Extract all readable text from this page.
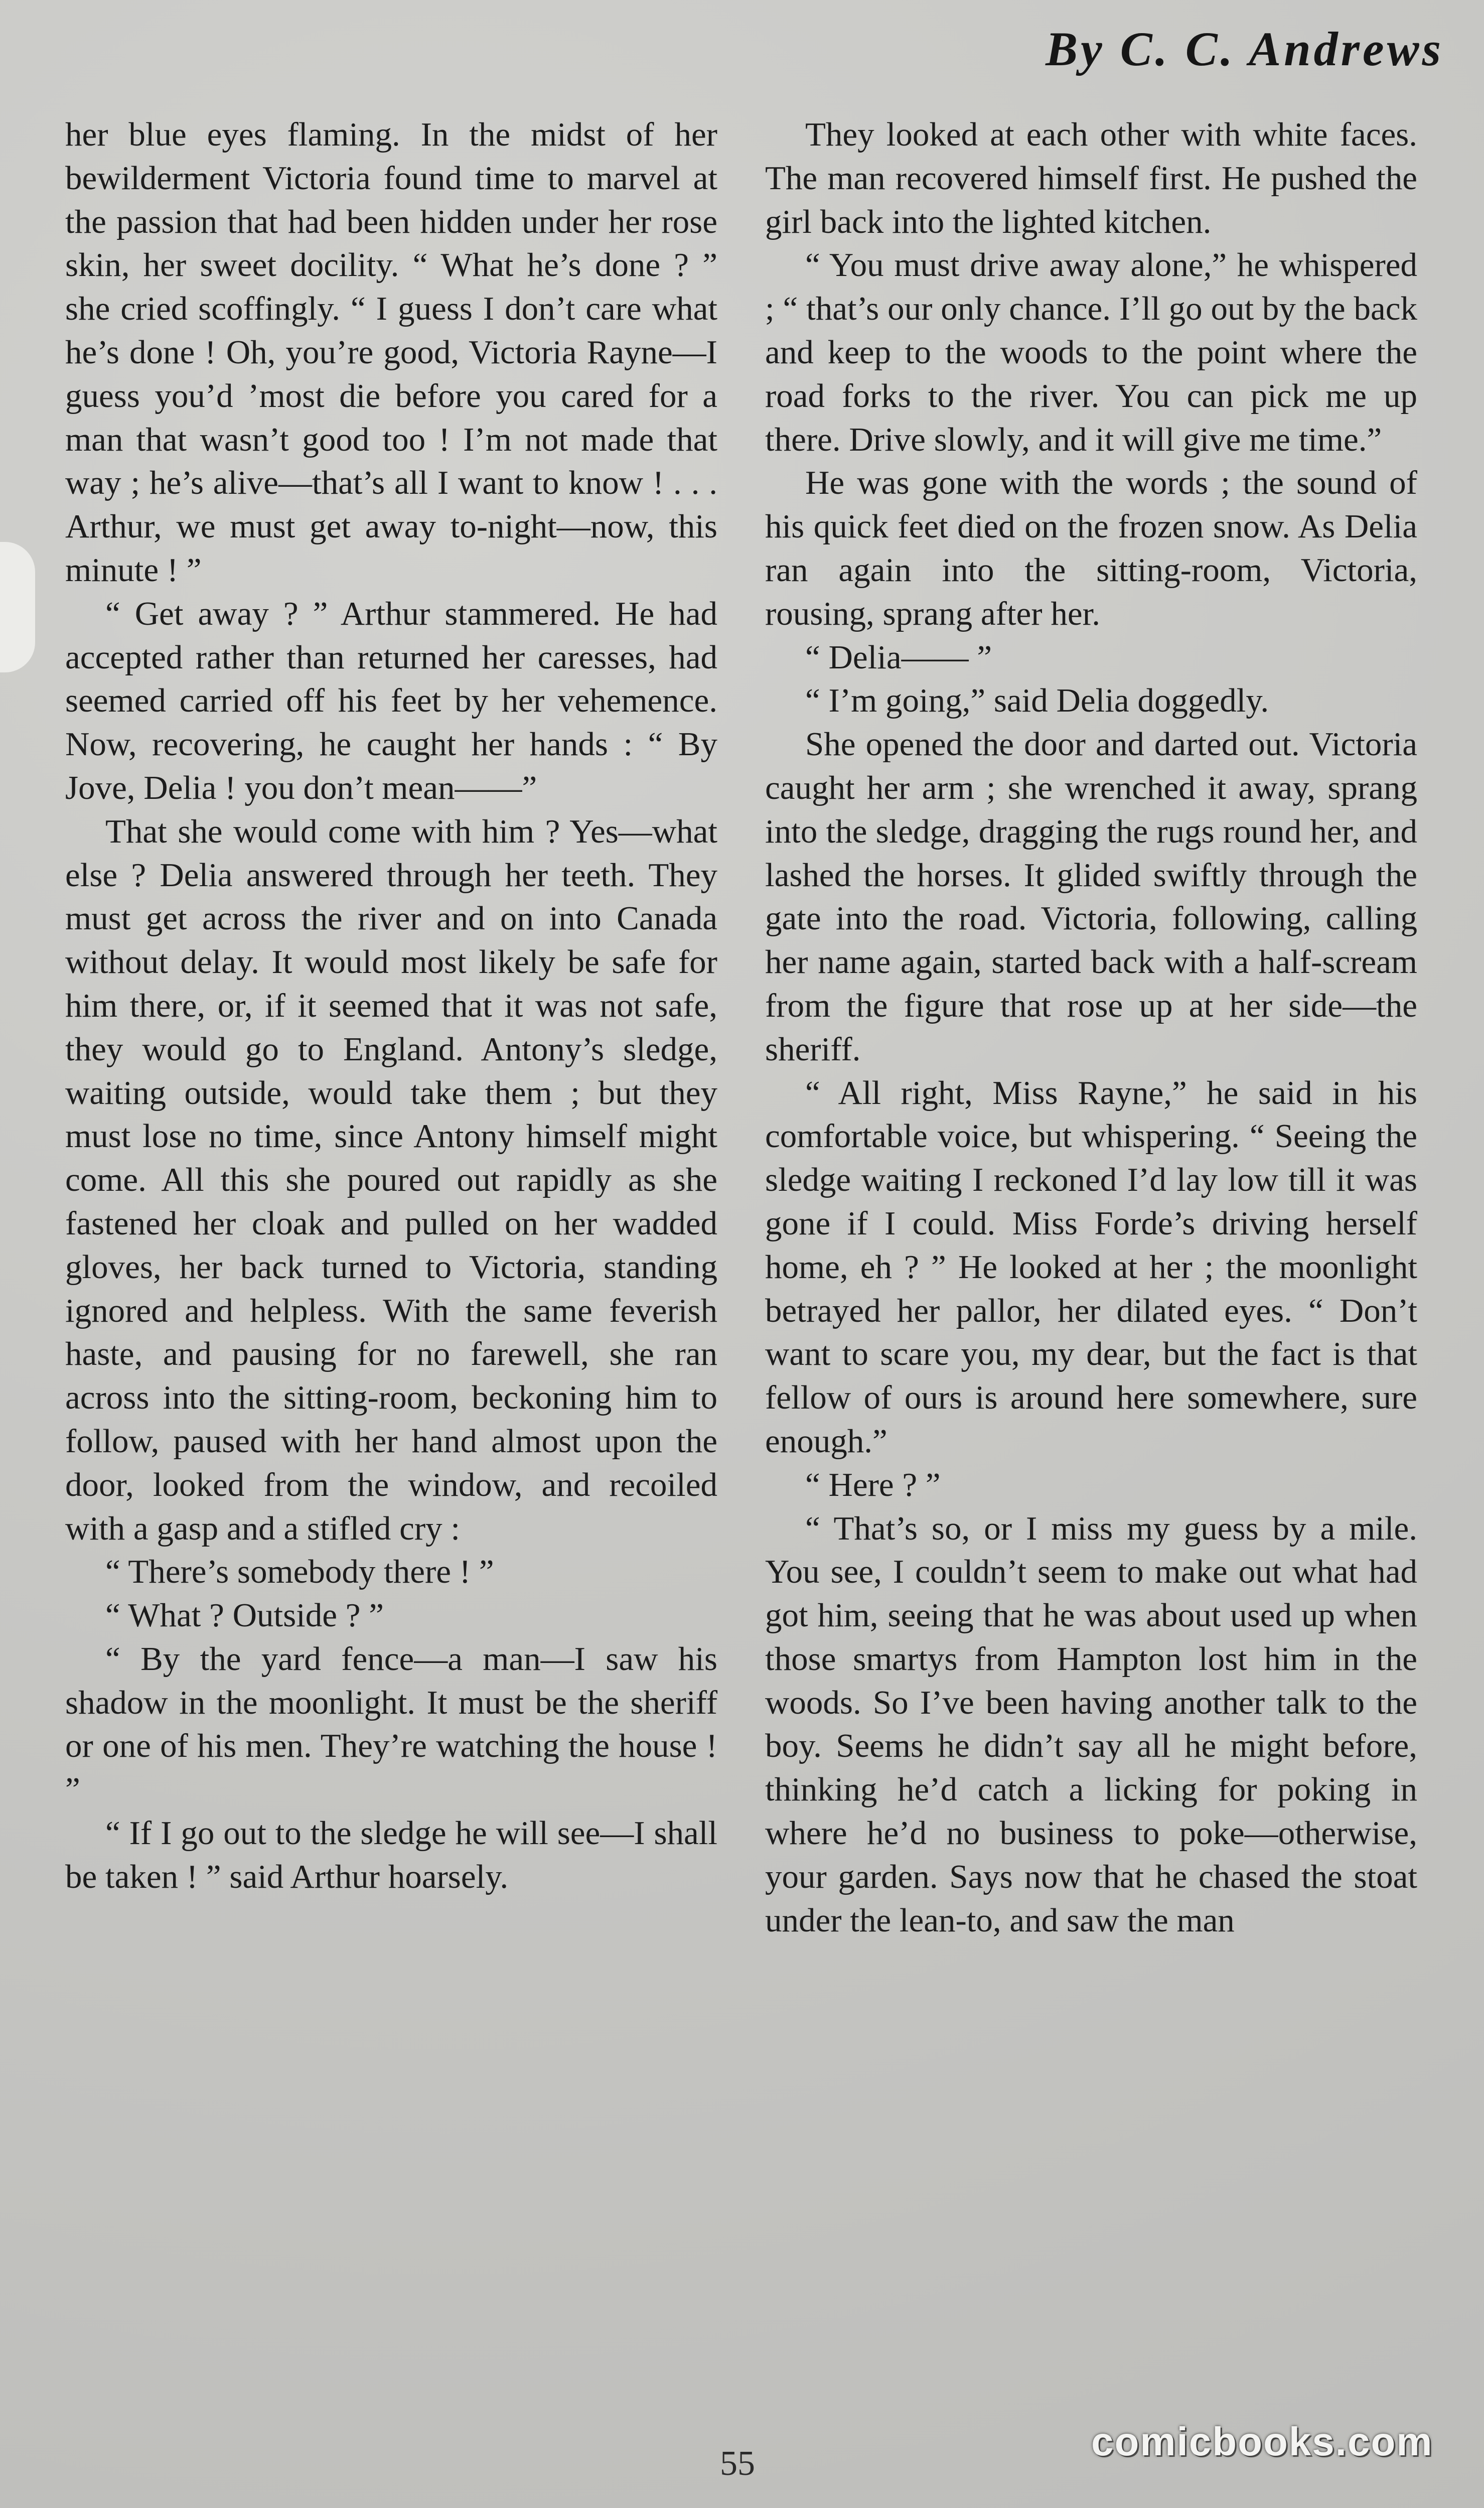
By C. C. Andrews

her blue eyes flaming. In the midst of her bewilderment Victoria found time to marvel at the passion that had been hidden under her rose skin, her sweet docility. “ What he’s done ? ” she cried scoffingly. “ I guess I don’t care what he’s done ! Oh, you’re good, Victoria Rayne—I guess you’d ’most die before you cared for a man that wasn’t good too ! I’m not made that way ; he’s alive—that’s all I want to know ! . . . Arthur, we must get away to-night—now, this minute ! ”

“ Get away ? ” Arthur stammered. He had accepted rather than returned her caresses, had seemed carried off his feet by her vehemence. Now, recovering, he caught her hands : “ By Jove, Delia ! you don’t mean——”

That she would come with him ? Yes—what else ? Delia answered through her teeth. They must get across the river and on into Canada without delay. It would most likely be safe for him there, or, if it seemed that it was not safe, they would go to England. Antony’s sledge, waiting outside, would take them ; but they must lose no time, since Antony himself might come. All this she poured out rapidly as she fastened her cloak and pulled on her wadded gloves, her back turned to Victoria, standing ignored and helpless. With the same feverish haste, and pausing for no farewell, she ran across into the sitting-room, beckoning him to follow, paused with her hand almost upon the door, looked from the window, and recoiled with a gasp and a stifled cry :

“ There’s somebody there ! ”

“ What ? Outside ? ”

“ By the yard fence—a man—I saw his shadow in the moonlight. It must be the sheriff or one of his men. They’re watching the house ! ”

“ If I go out to the sledge he will see—I shall be taken ! ” said Arthur hoarsely.

They looked at each other with white faces. The man recovered himself first. He pushed the girl back into the lighted kitchen.

“ You must drive away alone,” he whispered ; “ that’s our only chance. I’ll go out by the back and keep to the woods to the point where the road forks to the river. You can pick me up there. Drive slowly, and it will give me time.”

He was gone with the words ; the sound of his quick feet died on the frozen snow. As Delia ran again into the sitting-room, Victoria, rousing, sprang after her.

“ Delia—— ”

“ I’m going,” said Delia doggedly.

She opened the door and darted out. Victoria caught her arm ; she wrenched it away, sprang into the sledge, dragging the rugs round her, and lashed the horses. It glided swiftly through the gate into the road. Victoria, following, calling her name again, started back with a half-scream from the figure that rose up at her side—the sheriff.

“ All right, Miss Rayne,” he said in his comfortable voice, but whispering. “ Seeing the sledge waiting I reckoned I’d lay low till it was gone if I could. Miss Forde’s driving herself home, eh ? ” He looked at her ; the moonlight betrayed her pallor, her dilated eyes. “ Don’t want to scare you, my dear, but the fact is that fellow of ours is around here somewhere, sure enough.”

“ Here ? ”

“ That’s so, or I miss my guess by a mile. You see, I couldn’t seem to make out what had got him, seeing that he was about used up when those smartys from Hampton lost him in the woods. So I’ve been having another talk to the boy. Seems he didn’t say all he might before, thinking he’d catch a licking for poking in where he’d no business to poke—otherwise, your garden. Says now that he chased the stoat under the lean-to, and saw the man

55	comicbooks.com
